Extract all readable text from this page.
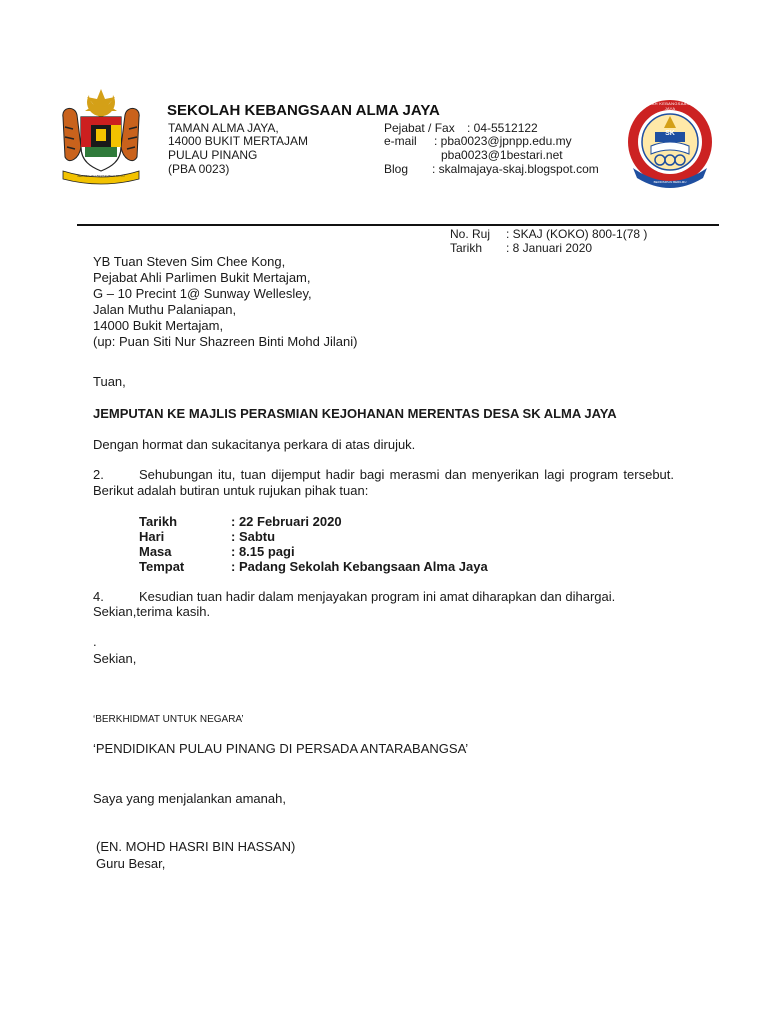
BERSEKUTU BERTAMBAH MUTU
SEKOLAH KEBANGSAAN ALMA JAYA
TAMAN ALMA JAYA,
14000 BUKIT MERTAJAM
PULAU PINANG
(PBA 0023)
Pejabat / Fax : 04-5512122
e-mail : pba0023@jpnpp.edu.my
pba0023@1bestari.net
Blog : skalmajaya-skaj.blogspot.com
SEKOLAH KEBANGSAAN ALMA JAYA
SK
BERDISIPLIN BERILMU
No. Ruj : SKAJ (KOKO) 800-1(78 )
Tarikh : 8 Januari 2020
YB Tuan Steven Sim Chee Kong,
Pejabat Ahli Parlimen Bukit Mertajam,
G – 10 Precint 1@ Sunway Wellesley,
Jalan Muthu Palaniapan,
14000 Bukit Mertajam,
(up: Puan Siti Nur Shazreen Binti Mohd Jilani)
Tuan,
JEMPUTAN KE MAJLIS PERASMIAN KEJOHANAN MERENTAS DESA SK ALMA JAYA
Dengan hormat dan sukacitanya perkara di atas dirujuk.
2.	Sehubungan itu, tuan dijemput hadir bagi merasmi dan menyerikan lagi program tersebut. Berikut adalah butiran untuk rujukan pihak tuan:
Tarikh	: 22 Februari 2020
Hari	: Sabtu
Masa	: 8.15 pagi
Tempat	: Padang Sekolah Kebangsaan Alma Jaya
4.	Kesudian tuan hadir dalam menjayakan program ini amat diharapkan dan dihargai.
Sekian,terima kasih.
.
Sekian,
‘BERKHIDMAT UNTUK NEGARA’
‘PENDIDIKAN PULAU PINANG DI PERSADA ANTARABANGSA’
Saya yang menjalankan amanah,
(EN. MOHD HASRI BIN HASSAN)
Guru Besar,
